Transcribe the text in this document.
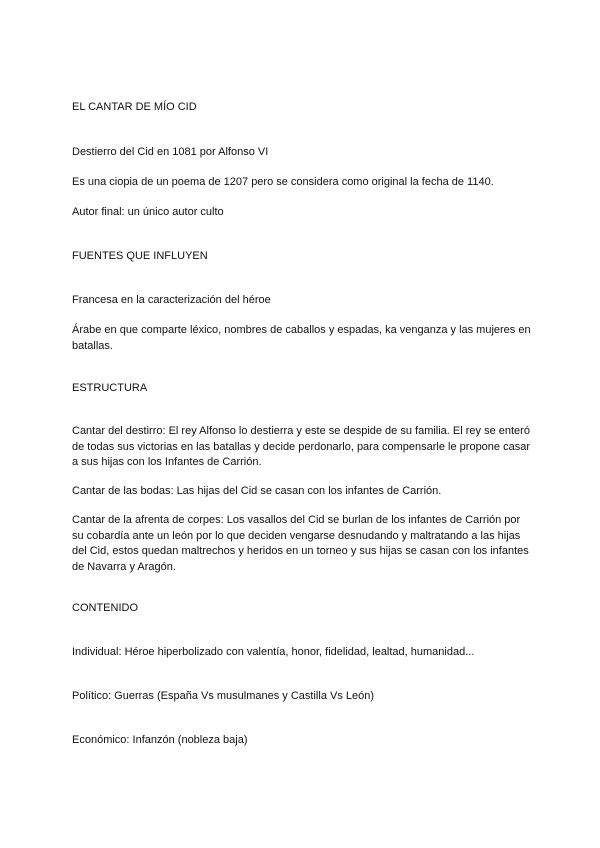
EL CANTAR DE MÍO CID
Destierro del Cid en 1081 por Alfonso VI
Es una ciopia de un poema de 1207 pero se considera como original la fecha de 1140.
Autor final: un único autor culto
FUENTES QUE INFLUYEN
Francesa en la caracterización del héroe
Árabe en que comparte léxico, nombres de caballos y espadas, ka venganza y las mujeres en batallas.
ESTRUCTURA
Cantar del destirro: El rey Alfonso lo destierra y este se despide de su familia. El rey se enteró de todas sus victorias en las batallas y decide perdonarlo, para compensarle le propone casar a sus hijas con los Infantes de Carrión.
Cantar de las bodas: Las hijas del Cid se casan con los infantes de Carrión.
Cantar de la afrenta de corpes: Los vasallos del Cid se burlan de los infantes de Carrión por su cobardía ante un león por lo que deciden vengarse desnudando y maltratando a las hijas del Cid, estos quedan maltrechos y heridos en un torneo y sus hijas se casan con los infantes de Navarra y Aragón.
CONTENIDO
Individual: Héroe hiperbolizado con valentía, honor, fidelidad, lealtad, humanidad...
Político: Guerras (España Vs musulmanes y Castilla Vs León)
Económico: Infanzón (nobleza baja)
